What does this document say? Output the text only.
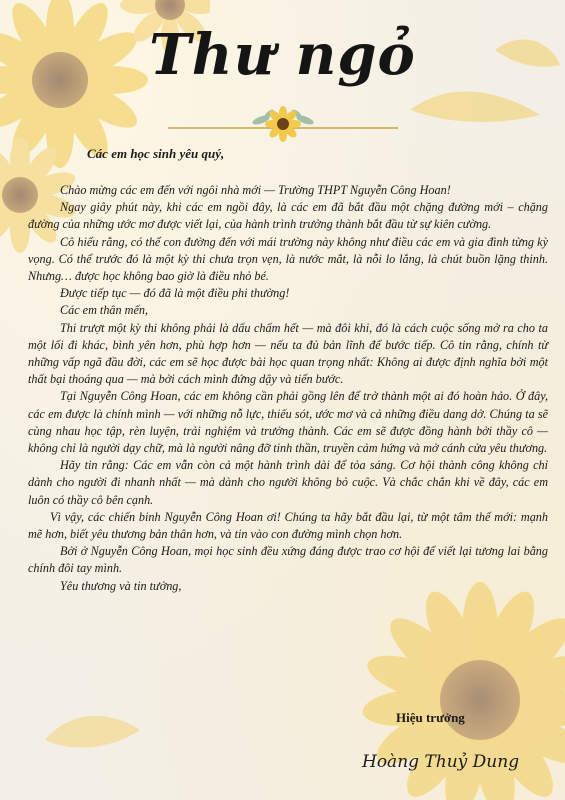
Thư ngỏ
Các em học sinh yêu quý,

Chào mừng các em đến với ngôi nhà mới — Trường THPT Nguyễn Công Hoan!

Ngay giây phút này, khi các em ngồi đây, là các em đã bắt đầu một chặng đường mới – chặng đường của những ước mơ được viết lại, của hành trình trưởng thành bắt đầu từ sự kiên cường.

Cô hiểu rằng, có thể con đường đến với mái trường này không như điều các em và gia đình từng kỳ vọng. Có thể trước đó là một kỳ thi chưa trọn vẹn, là nước mắt, là nỗi lo lắng, là chút buồn lặng thinh. Nhưng… được học không bao giờ là điều nhỏ bé.

Được tiếp tục — đó đã là một điều phi thường!

Các em thân mến,

Thi trượt một kỳ thi không phải là dấu chấm hết — mà đôi khi, đó là cách cuộc sống mở ra cho ta một lối đi khác, bình yên hơn, phù hợp hơn — nếu ta đủ bản lĩnh để bước tiếp. Cô tin rằng, chính từ những vấp ngã đầu đời, các em sẽ học được bài học quan trọng nhất: Không ai được định nghĩa bởi một thất bại thoáng qua — mà bởi cách mình đứng dậy và tiến bước.

Tại Nguyễn Công Hoan, các em không cần phải gồng lên để trở thành một ai đó hoàn hảo. Ở đây, các em được là chính mình — với những nỗ lực, thiếu sót, ước mơ và cả những điều dang dở. Chúng ta sẽ cùng nhau học tập, rèn luyện, trải nghiệm và trưởng thành. Các em sẽ được đồng hành bởi thầy cô — không chỉ là người dạy chữ, mà là người nâng đỡ tinh thần, truyền cảm hứng và mở cánh cửa yêu thương.

Hãy tin rằng: Các em vẫn còn cả một hành trình dài để tỏa sáng. Cơ hội thành công không chỉ dành cho người đi nhanh nhất — mà dành cho người không bỏ cuộc. Và chắc chắn khi về đây, các em luôn có thầy cô bên cạnh.

Vì vậy, các chiến binh Nguyễn Công Hoan ơi! Chúng ta hãy bắt đầu lại, từ một tâm thế mới: mạnh mẽ hơn, biết yêu thương bản thân hơn, và tin vào con đường mình chọn hơn.

Bởi ở Nguyễn Công Hoan, mọi học sinh đều xứng đáng được trao cơ hội để viết lại tương lai bằng chính đôi tay mình.

Yêu thương và tin tưởng,

Hiệu trưởng
Hoàng Thuỷ Dung
